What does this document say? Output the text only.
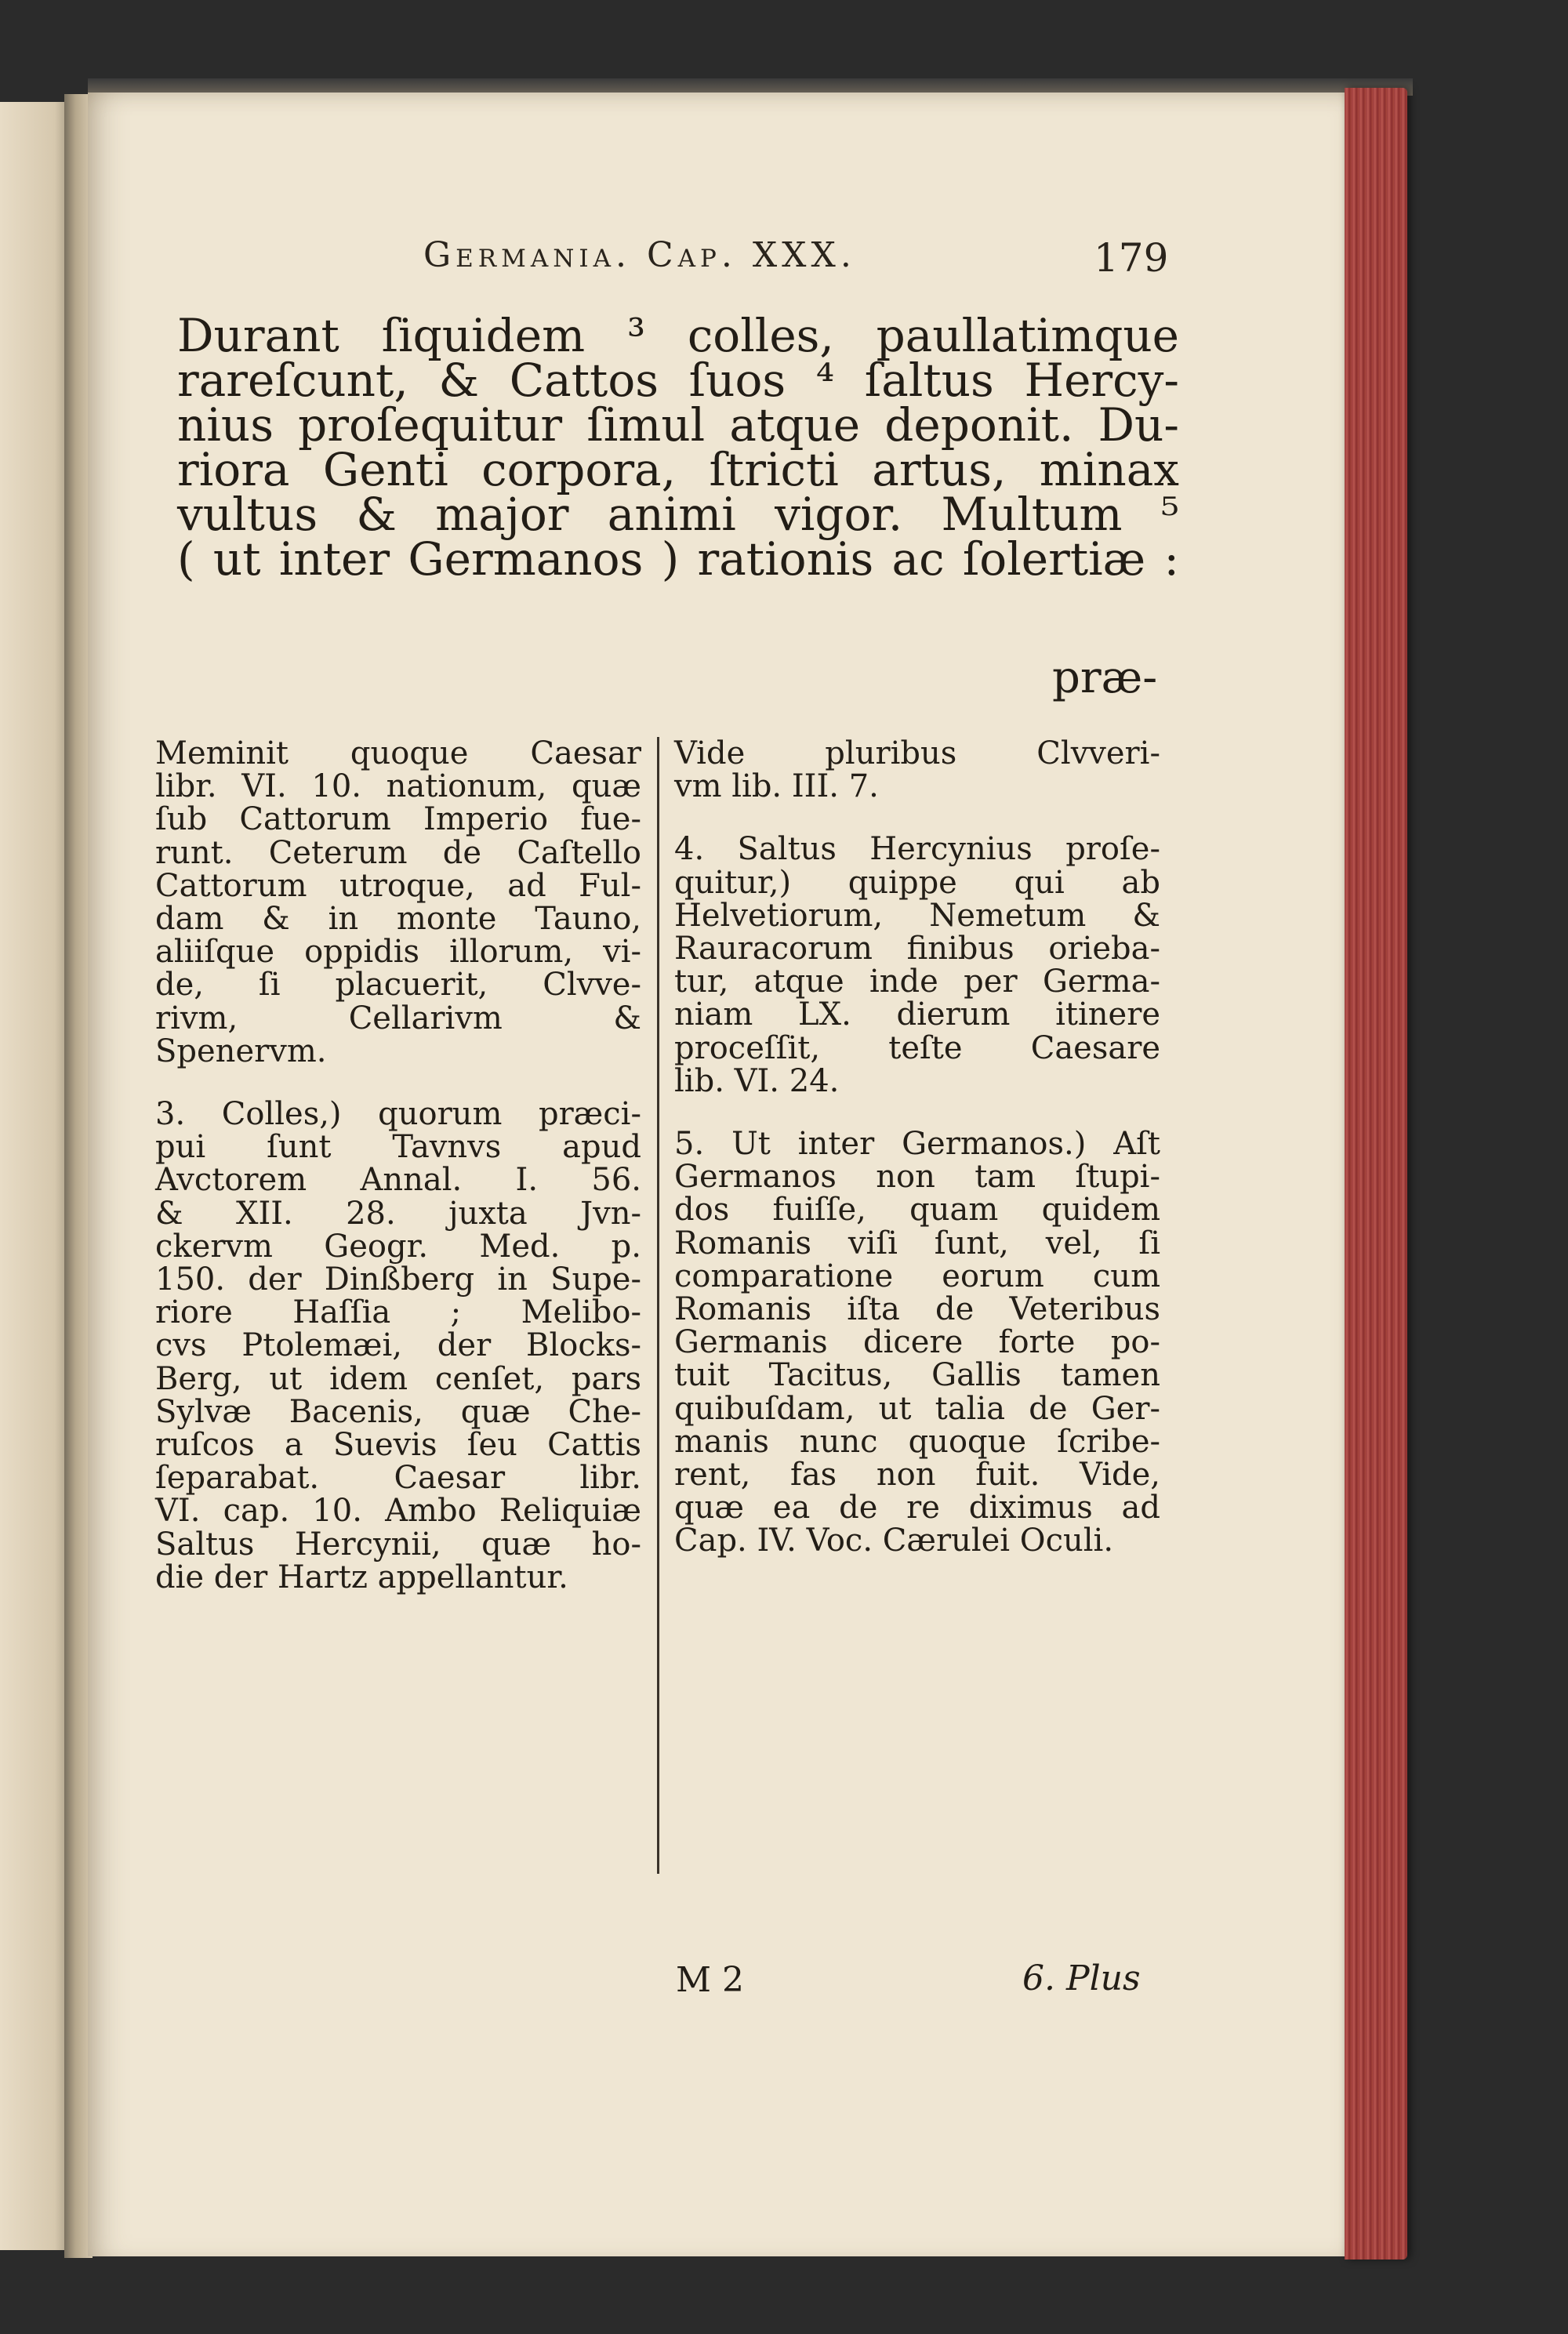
Germania. Cap. XXX.	179
Durant ſiquidem ³ colles, paullatimque
rareſcunt, & Cattos ſuos ⁴ ſaltus Hercy-
nius proſequitur ſimul atque deponit. Du-
riora Genti corpora, ſtricti artus, minax
vultus & major animi vigor. Multum ⁵
( ut inter Germanos ) rationis ac ſolertiæ :
præ-
Meminit quoque Caesar
libr. VI. 10. nationum, quæ
ſub Cattorum Imperio fue-
runt. Ceterum de Caſtello
Cattorum utroque, ad Ful-
dam & in monte Tauno,
aliiſque oppidis illorum, vi-
de, ſi placuerit, Clvve-
rivm, Cellarivm &
Spenervm.
3. Colles,) quorum præci-
pui ſunt Tavnvs apud
Avctorem Annal. I. 56.
& XII. 28. juxta Jvn-
ckervm Geogr. Med. p.
150. der Dinßberg in Supe-
riore Haſſia ; Melibo-
cvs Ptolemæi, der Blocks-
Berg, ut idem cenſet, pars
Sylvæ Bacenis, quæ Che-
ruſcos a Suevis ſeu Cattis
ſeparabat. Caesar libr.
VI. cap. 10. Ambo Reliquiæ
Saltus Hercynii, quæ ho-
die der Hartz appellantur.
Vide pluribus Clvveri-
vm lib. III. 7.
4. Saltus Hercynius proſe-
quitur,) quippe qui ab
Helvetiorum, Nemetum &
Rauracorum finibus orieba-
tur, atque inde per Germa-
niam LX. dierum itinere
proceſſit, teſte Caesare
lib. VI. 24.
5. Ut inter Germanos.) Aſt
Germanos non tam ſtupi-
dos fuiſſe, quam quidem
Romanis viſi ſunt, vel, ſi
comparatione eorum cum
Romanis iſta de Veteribus
Germanis dicere forte po-
tuit Tacitus, Gallis tamen
quibuſdam, ut talia de Ger-
manis nunc quoque ſcribe-
rent, fas non fuit. Vide,
quæ ea de re diximus ad
Cap. IV. Voc. Cærulei Oculi.
M 2	6. Plus
